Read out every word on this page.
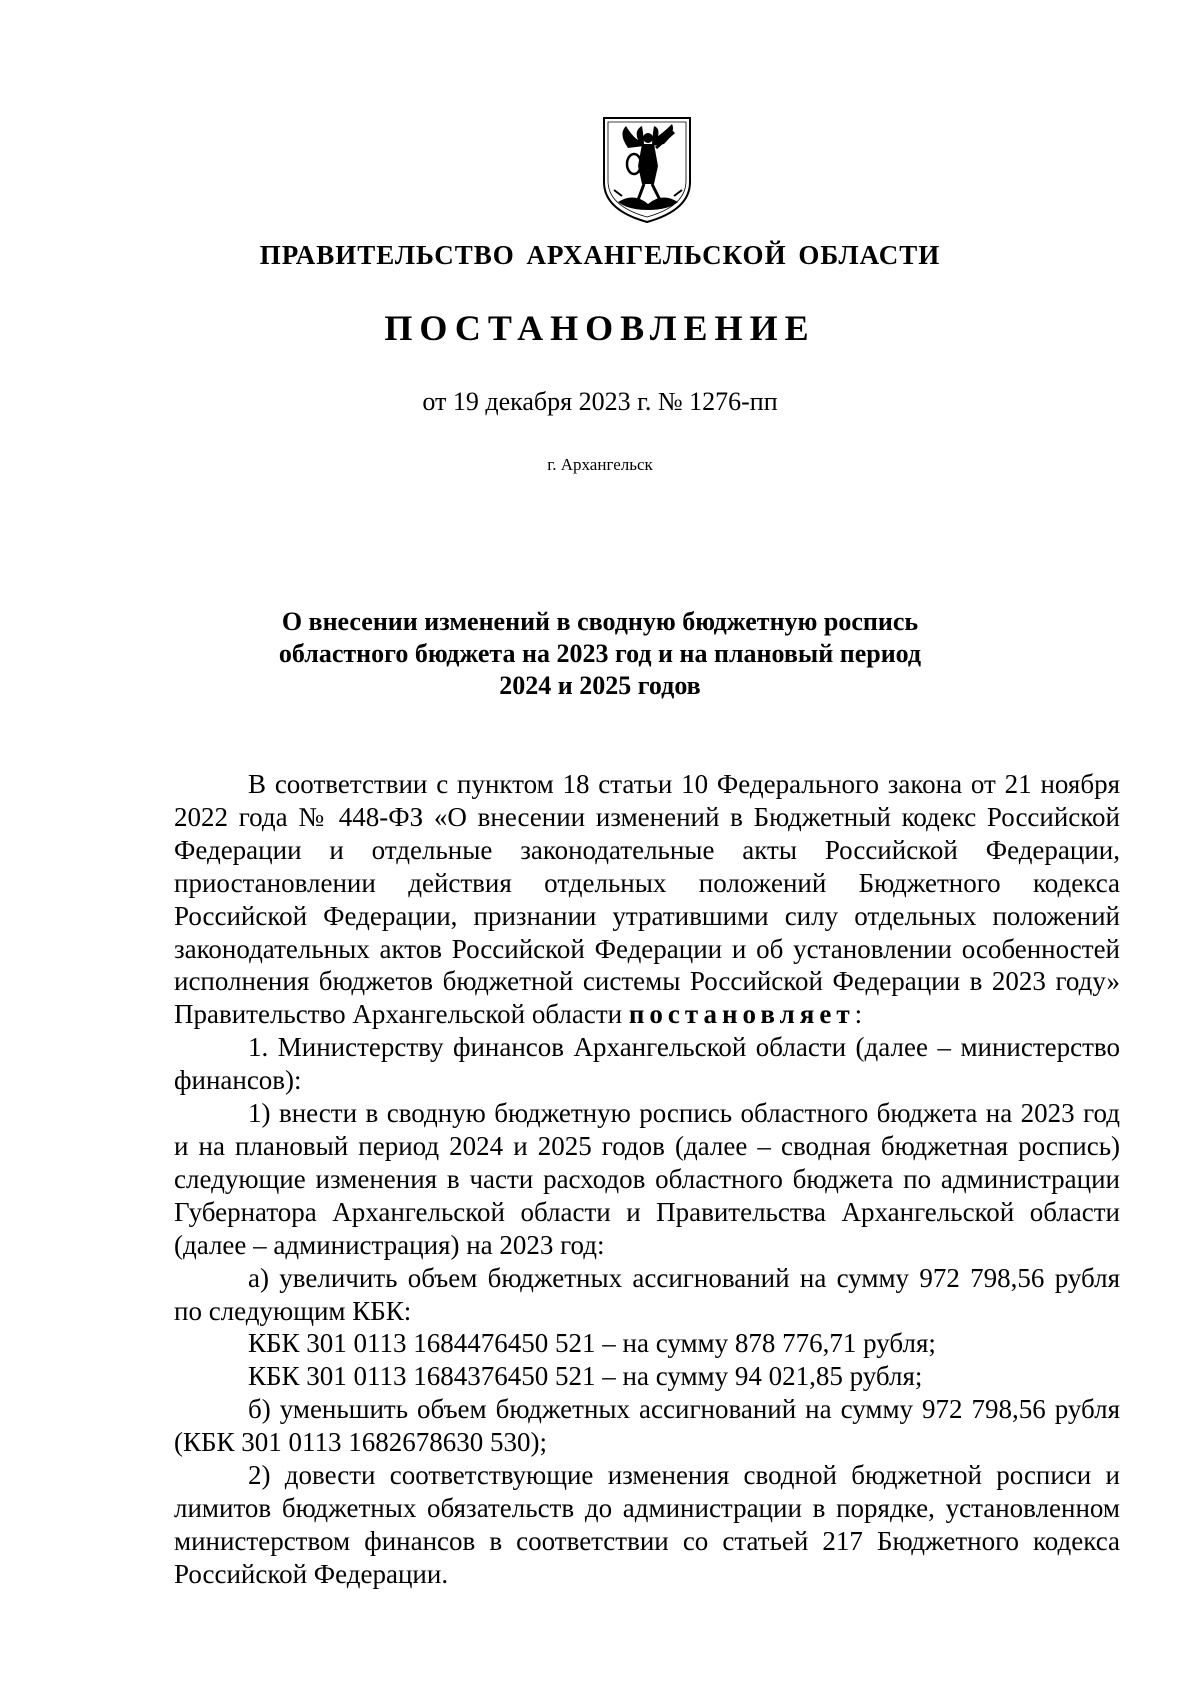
ПРАВИТЕЛЬСТВО АРХАНГЕЛЬСКОЙ ОБЛАСТИ
ПОСТАНОВЛЕНИЕ
от 19 декабря 2023 г. № 1276-пп
г. Архангельск
О внесении изменений в сводную бюджетную роспись
областного бюджета на 2023 год и на плановый период
2024 и 2025 годов

В соответствии с пунктом 18 статьи 10 Федерального закона от 21 ноября 2022 года № 448-ФЗ «О внесении изменений в Бюджетный кодекс Российской Федерации и отдельные законодательные акты Российской Федерации, приостановлении действия отдельных положений Бюджетного кодекса Российской Федерации, признании утратившими силу отдельных положений законодательных актов Российской Федерации и об установлении особенностей исполнения бюджетов бюджетной системы Российской Федерации в 2023 году» Правительство Архангельской области постановляет:

1. Министерству финансов Архангельской области (далее – министерство финансов):

1) внести в сводную бюджетную роспись областного бюджета на 2023 год и на плановый период 2024 и 2025 годов (далее – сводная бюджетная роспись) следующие изменения в части расходов областного бюджета по администрации Губернатора Архангельской области и Правительства Архангельской области (далее – администрация) на 2023 год:

а) увеличить объем бюджетных ассигнований на сумму 972 798,56 рубля по следующим КБК:

КБК 301 0113 1684476450 521 – на сумму 878 776,71 рубля;

КБК 301 0113 1684376450 521 – на сумму 94 021,85 рубля;

б) уменьшить объем бюджетных ассигнований на сумму 972 798,56 рубля (КБК 301 0113 1682678630 530);

2) довести соответствующие изменения сводной бюджетной росписи и лимитов бюджетных обязательств до администрации в порядке, установленном министерством финансов в соответствии со статьей 217 Бюджетного кодекса Российской Федерации.
